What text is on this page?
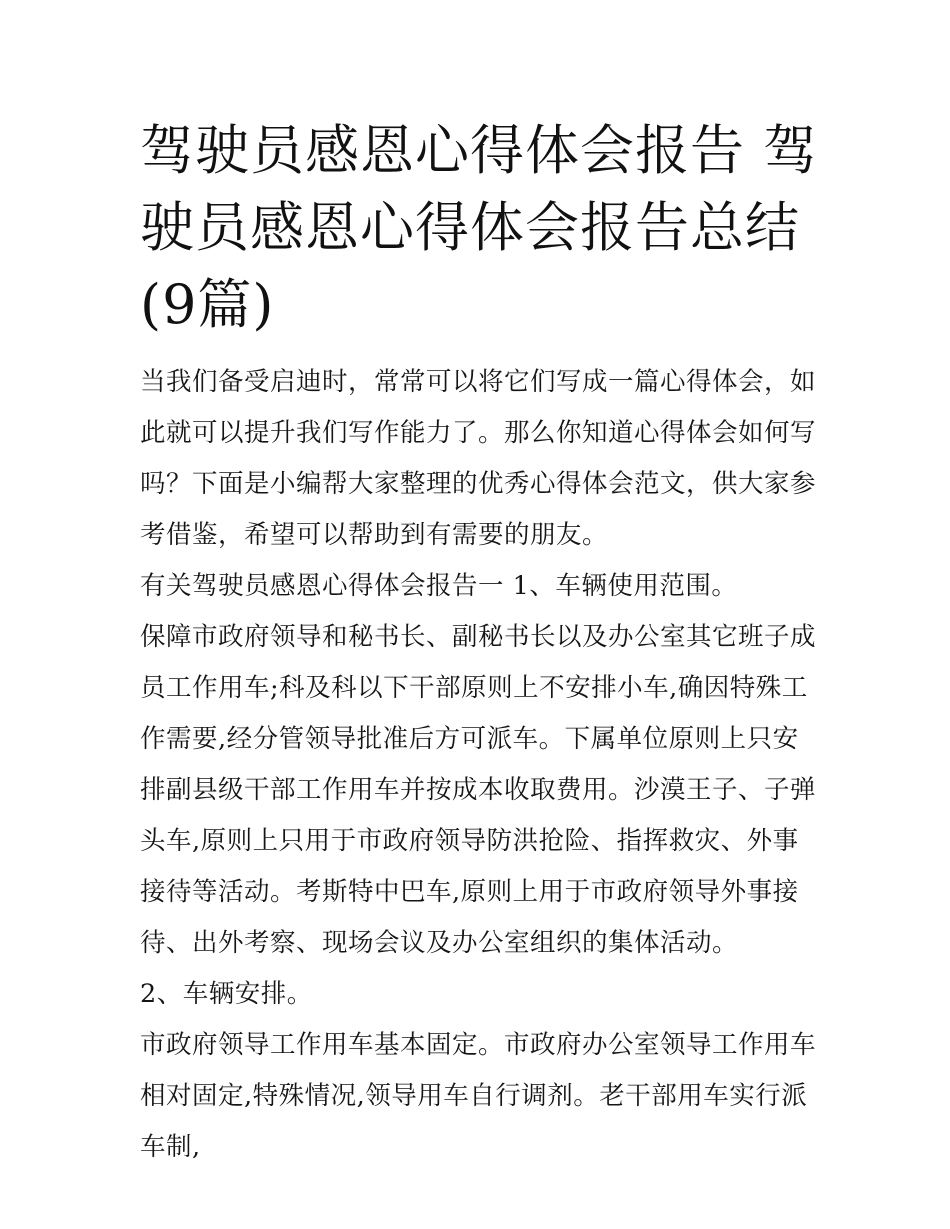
驾驶员感恩心得体会报告 驾驶员感恩心得体会报告总结(9篇)

当我们备受启迪时，常常可以将它们写成一篇心得体会，如此就可以提升我们写作能力了。那么你知道心得体会如何写吗？下面是小编帮大家整理的优秀心得体会范文，供大家参考借鉴，希望可以帮助到有需要的朋友。

有关驾驶员感恩心得体会报告一 1、车辆使用范围。

保障市政府领导和秘书长、副秘书长以及办公室其它班子成员工作用车;科及科以下干部原则上不安排小车,确因特殊工作需要,经分管领导批准后方可派车。下属单位原则上只安排副县级干部工作用车并按成本收取费用。沙漠王子、子弹头车,原则上只用于市政府领导防洪抢险、指挥救灾、外事接待等活动。考斯特中巴车,原则上用于市政府领导外事接待、出外考察、现场会议及办公室组织的集体活动。

2、车辆安排。

市政府领导工作用车基本固定。市政府办公室领导工作用车相对固定,特殊情况,领导用车自行调剂。老干部用车实行派车制,
